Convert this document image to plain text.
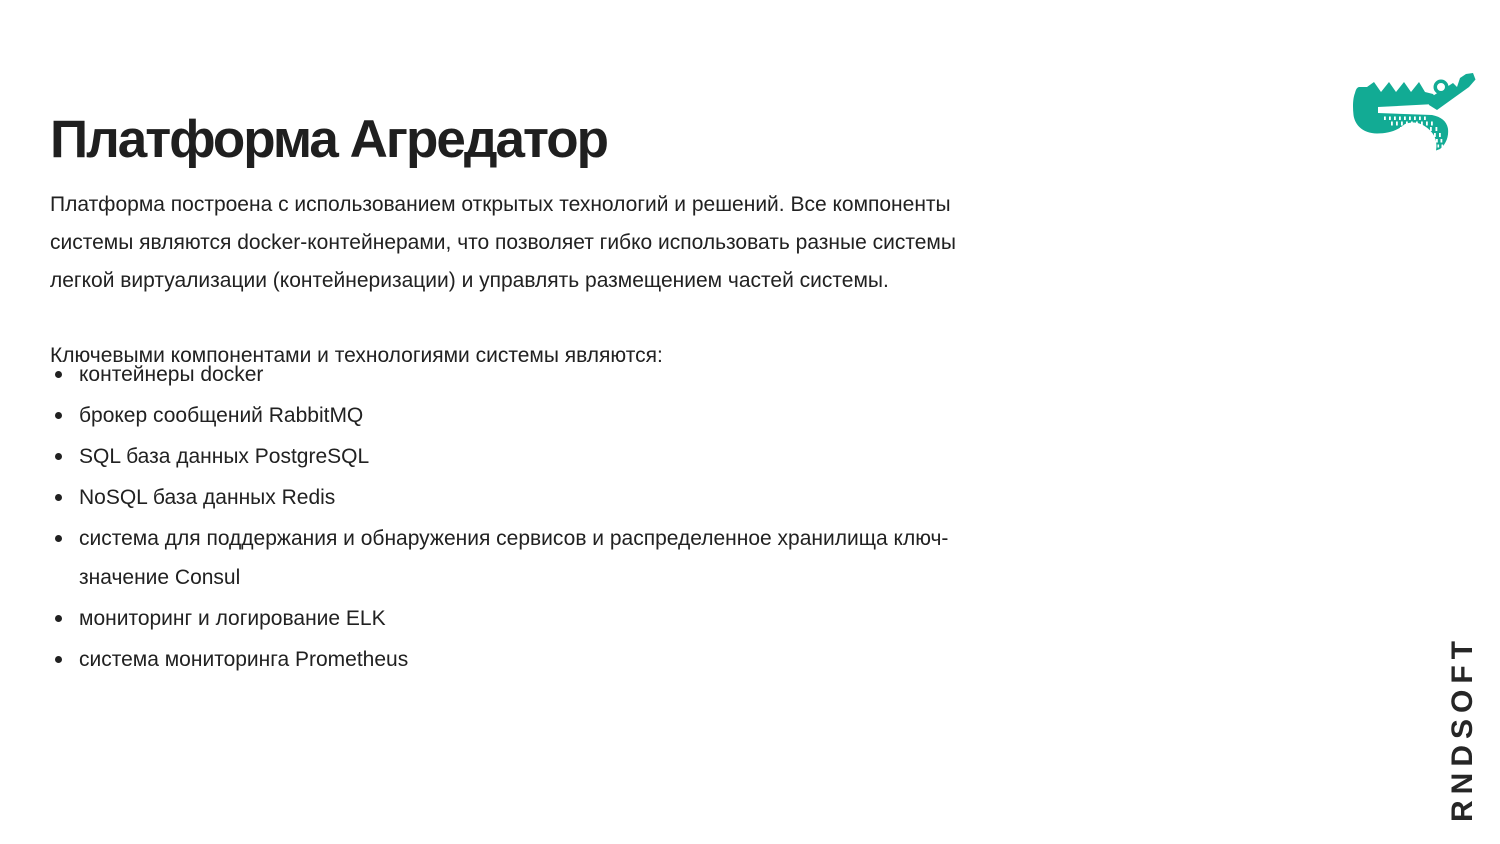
Платформа Агредатор

Платформа построена с использованием открытых технологий и решений. Все компоненты системы являются docker-контейнерами, что позволяет гибко использовать разные системы легкой виртуализации (контейнеризации) и управлять размещением частей системы.

Ключевыми компонентами и технологиями системы являются:

контейнеры docker
брокер сообщений RabbitMQ
SQL база данных PostgreSQL
NoSQL база данных Redis
система для поддержания и обнаружения сервисов и распределенное хранилища ключ-значение Consul
мониторинг и логирование ELK
система мониторинга Prometheus	RNDSOFT
